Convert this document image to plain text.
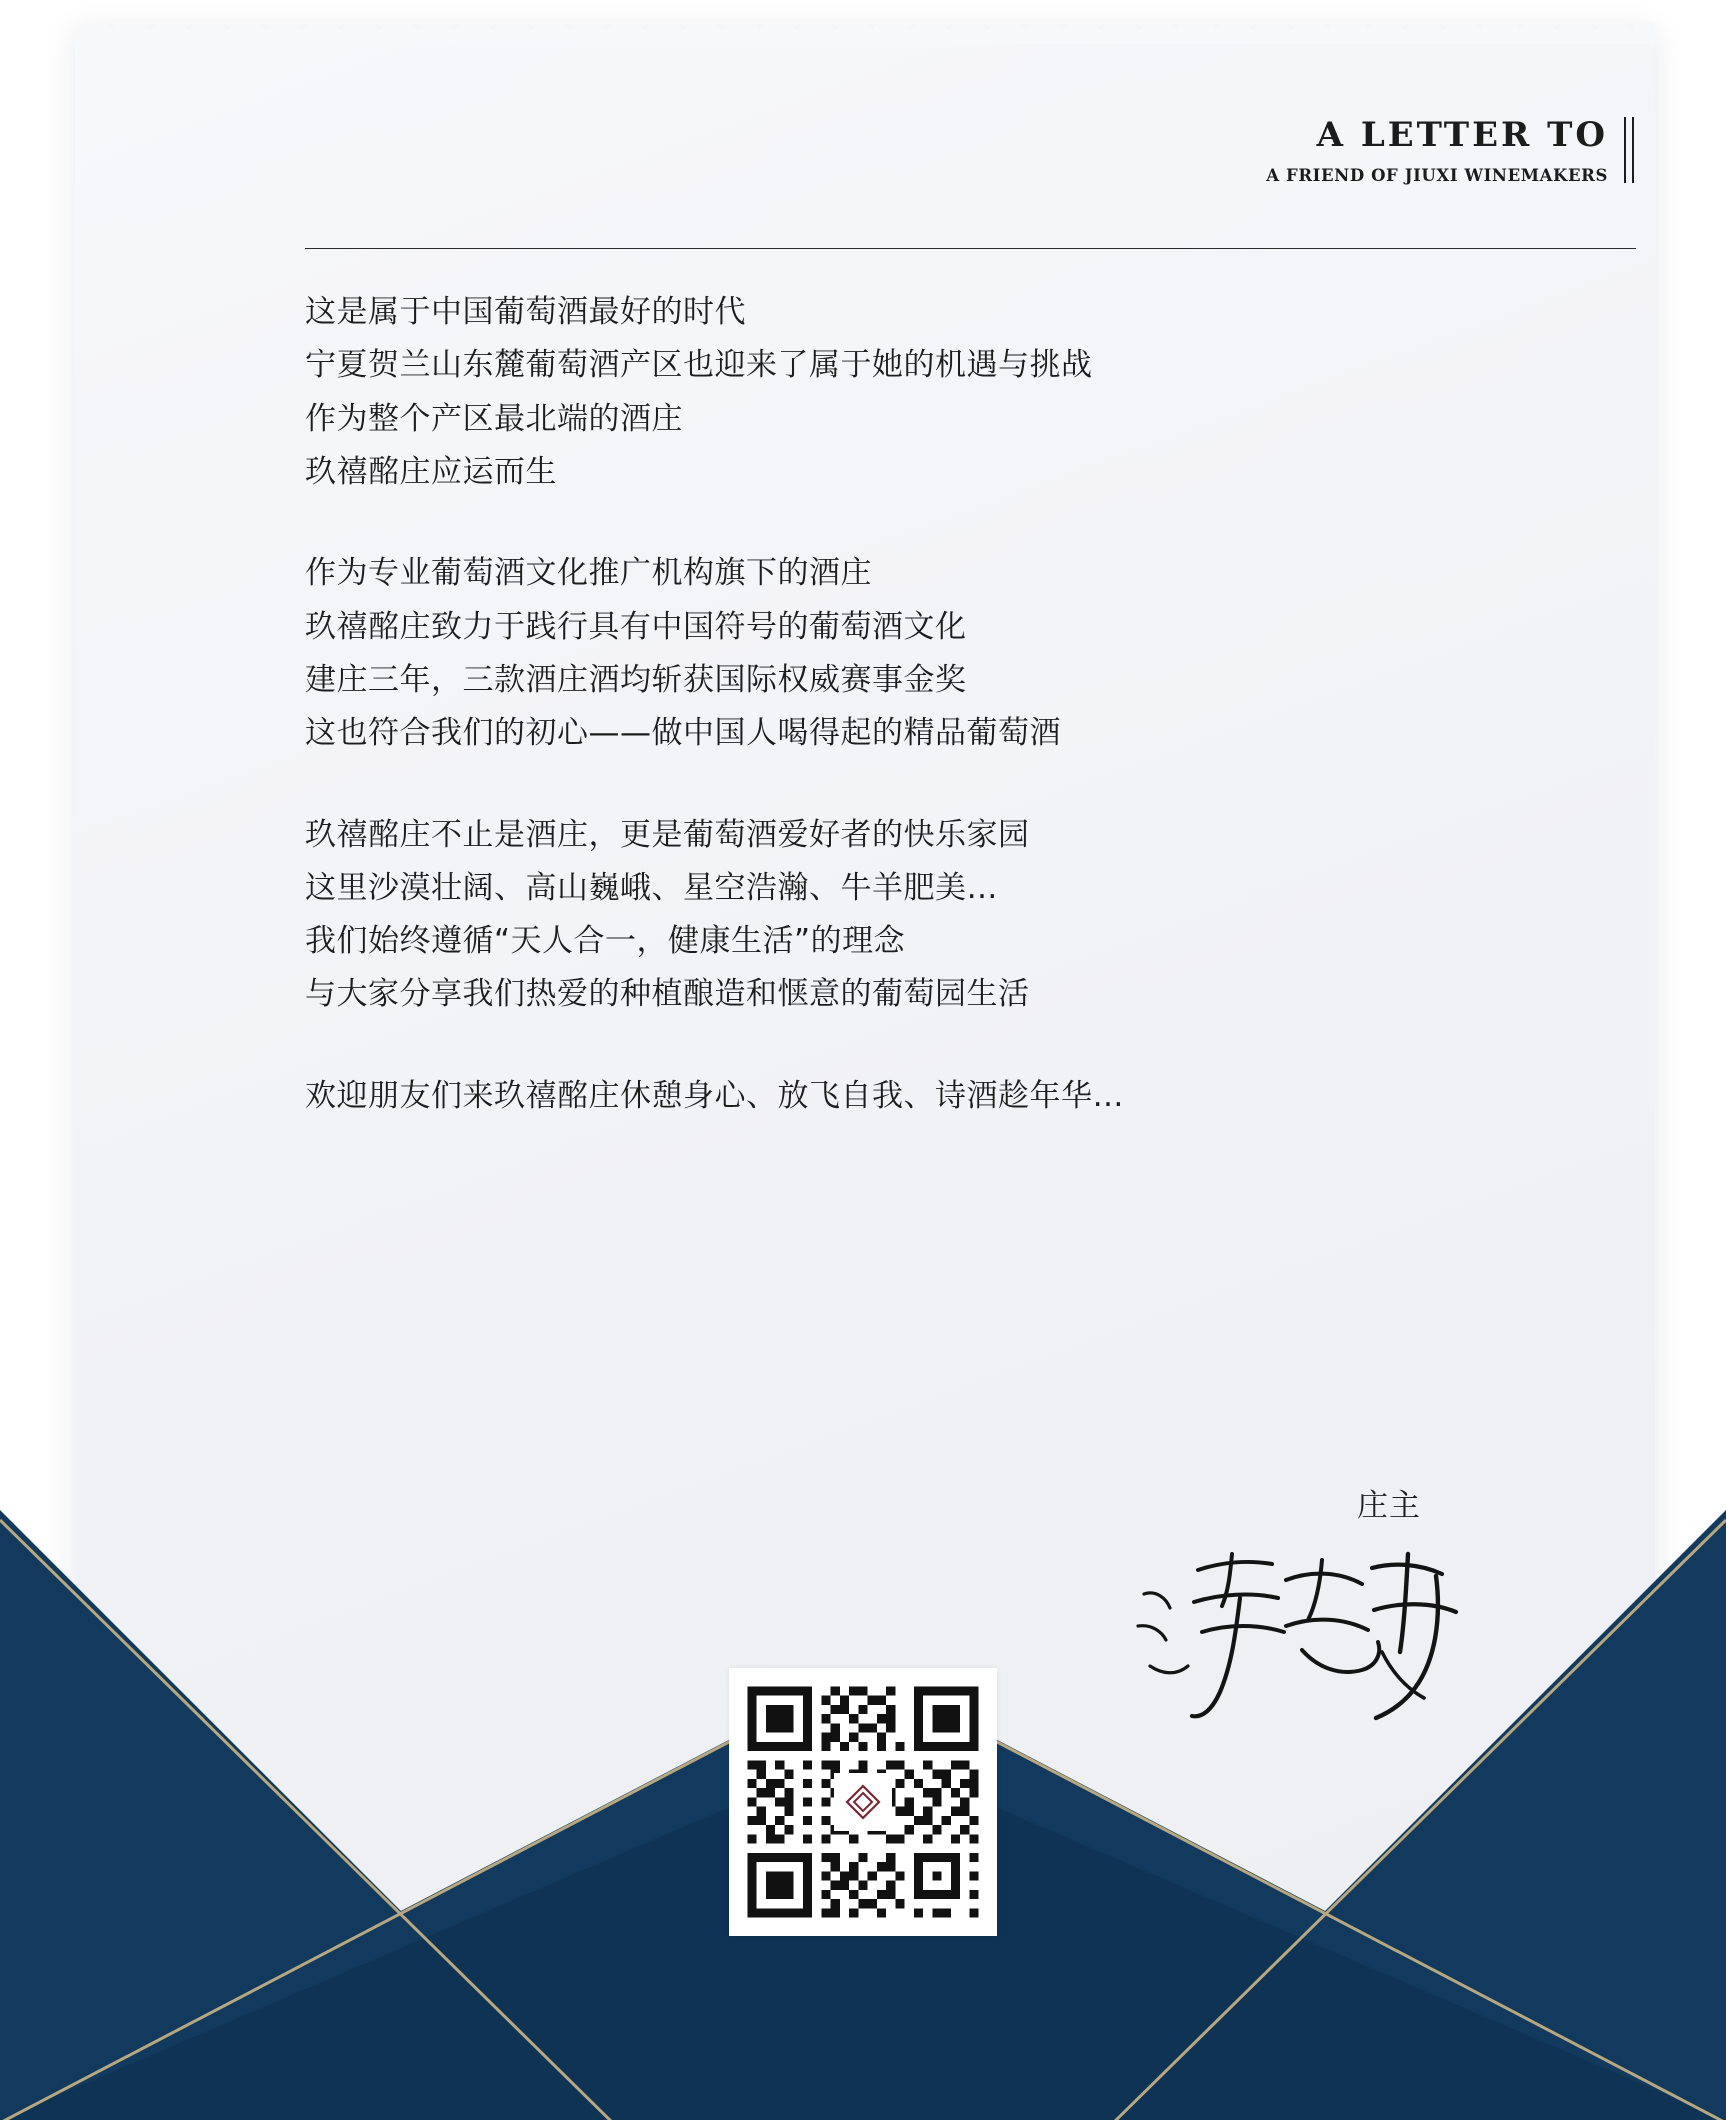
A LETTER TO
A FRIEND OF JIUXI WINEMAKERS

这是属于中国葡萄酒最好的时代
宁夏贺兰山东麓葡萄酒产区也迎来了属于她的机遇与挑战
作为整个产区最北端的酒庄
玖禧酩庄应运而生

作为专业葡萄酒文化推广机构旗下的酒庄
玖禧酩庄致力于践行具有中国符号的葡萄酒文化
建庄三年，三款酒庄酒均斩获国际权威赛事金奖
这也符合我们的初心——做中国人喝得起的精品葡萄酒

玖禧酩庄不止是酒庄，更是葡萄酒爱好者的快乐家园
这里沙漠壮阔、高山巍峨、星空浩瀚、牛羊肥美…
我们始终遵循“天人合一，健康生活”的理念
与大家分享我们热爱的种植酿造和惬意的葡萄园生活

欢迎朋友们来玖禧酩庄休憩身心、放飞自我、诗酒趁年华…

庄主
